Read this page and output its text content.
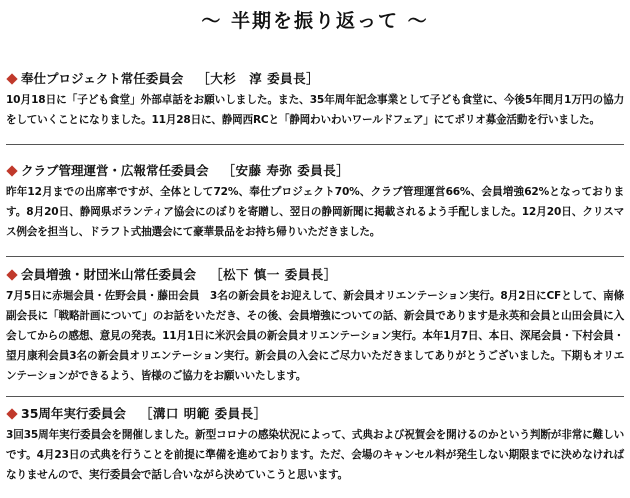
〜 半期を振り返って 〜
奉仕プロジェクト常任委員会 ［大杉　淳 委員長］

10月18日に「子ども食堂」外部卓話をお願いしました。また、35年周年記念事業として子ども食堂に、今後5年間月1万円の協力をしていくことになりました。11月28日に、静岡西RCと「静岡わいわいワールドフェア」にてポリオ募金活動を行いました。

クラブ管理運営・広報常任委員会 ［安藤 寿弥 委員長］

昨年12月までの出席率ですが、全体として72%、奉仕プロジェクト70%、クラブ管理運営66%、会員増強62%となっております。8月20日、静岡県ボランティア協会にのぼりを寄贈し、翌日の静岡新聞に掲載されるよう手配しました。12月20日、クリスマス例会を担当し、ドラフト式抽選会にて豪華景品をお持ち帰りいただきました。

会員増強・財団米山常任委員会 ［松下 慎一 委員長］

7月5日に赤堀会員・佐野会員・藤田会員　3名の新会員をお迎えして、新会員オリエンテーション実行。8月2日にCFとして、南條副会長に「戦略計画について」のお話をいただき、その後、会員増強についての話、新会員であります是永英和会員と山田会員に入会してからの感想、意見の発表。11月1日に米沢会員の新会員オリエンテーション実行。本年1月7日、本日、深尾会員・下村会員・望月康利会員3名の新会員オリエンテーション実行。新会員の入会にご尽力いただきましてありがとうございました。下期もオリエンテーションができるよう、皆様のご協力をお願いいたします。

35周年実行委員会 ［溝口 明範 委員長］

3回35周年実行委員会を開催しました。新型コロナの感染状況によって、式典および祝賀会を開けるのかという判断が非常に難しいです。4月23日の式典を行うことを前提に準備を進めております。ただ、会場のキャンセル料が発生しない期限までに決めなければなりませんので、実行委員会で話し合いながら決めていこうと思います。
